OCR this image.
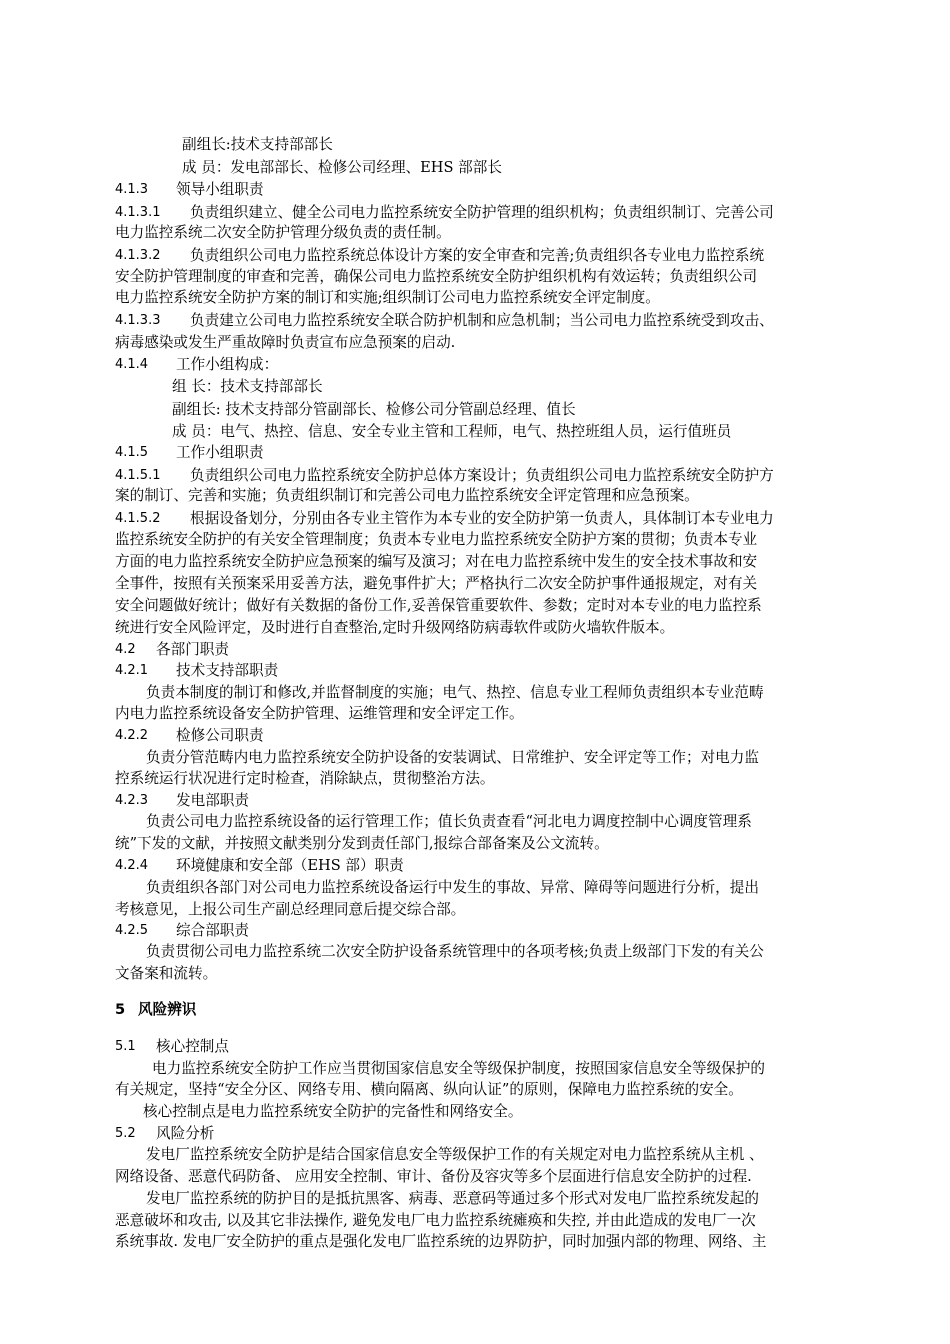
副组长:技术支持部部长
成 员：发电部部长、检修公司经理、EHS 部部长
4.1.3 领导小组职责
4.1.3.1 负责组织建立、健全公司电力监控系统安全防护管理的组织机构；负责组织制订、完善公司
电力监控系统二次安全防护管理分级负责的责任制。
4.1.3.2 负责组织公司电力监控系统总体设计方案的安全审查和完善;负责组织各专业电力监控系统
安全防护管理制度的审查和完善，确保公司电力监控系统安全防护组织机构有效运转；负责组织公司
电力监控系统安全防护方案的制订和实施;组织制订公司电力监控系统安全评定制度。
4.1.3.3 负责建立公司电力监控系统安全联合防护机制和应急机制；当公司电力监控系统受到攻击、
病毒感染或发生严重故障时负责宣布应急预案的启动.
4.1.4 工作小组构成：
组 长：技术支持部部长
副组长: 技术支持部分管副部长、检修公司分管副总经理、值长
成 员：电气、热控、信息、安全专业主管和工程师，电气、热控班组人员，运行值班员
4.1.5 工作小组职责
4.1.5.1 负责组织公司电力监控系统安全防护总体方案设计；负责组织公司电力监控系统安全防护方
案的制订、完善和实施；负责组织制订和完善公司电力监控系统安全评定管理和应急预案。
4.1.5.2 根据设备划分，分别由各专业主管作为本专业的安全防护第一负责人，具体制订本专业电力
监控系统安全防护的有关安全管理制度；负责本专业电力监控系统安全防护方案的贯彻；负责本专业
方面的电力监控系统安全防护应急预案的编写及演习；对在电力监控系统中发生的安全技术事故和安
全事件，按照有关预案采用妥善方法，避免事件扩大；严格执行二次安全防护事件通报规定，对有关
安全问题做好统计；做好有关数据的备份工作,妥善保管重要软件、参数；定时对本专业的电力监控系
统进行安全风险评定，及时进行自查整治,定时升级网络防病毒软件或防火墙软件版本。
4.2 各部门职责
4.2.1 技术支持部职责
负责本制度的制订和修改,并监督制度的实施；电气、热控、信息专业工程师负责组织本专业范畴
内电力监控系统设备安全防护管理、运维管理和安全评定工作。
4.2.2 检修公司职责
负责分管范畴内电力监控系统安全防护设备的安装调试、日常维护、安全评定等工作；对电力监
控系统运行状况进行定时检查，消除缺点，贯彻整治方法。
4.2.3 发电部职责
负责公司电力监控系统设备的运行管理工作；值长负责查看“河北电力调度控制中心调度管理系
统”下发的文献，并按照文献类别分发到责任部门,报综合部备案及公文流转。
4.2.4 环境健康和安全部（EHS 部）职责
负责组织各部门对公司电力监控系统设备运行中发生的事故、异常、障碍等问题进行分析，提出
考核意见，上报公司生产副总经理同意后提交综合部。
4.2.5 综合部职责
负责贯彻公司电力监控系统二次安全防护设备系统管理中的各项考核;负责上级部门下发的有关公
文备案和流转。
5 风险辨识
5.1 核心控制点
电力监控系统安全防护工作应当贯彻国家信息安全等级保护制度，按照国家信息安全等级保护的
有关规定，坚持“安全分区、网络专用、横向隔离、纵向认证”的原则，保障电力监控系统的安全。
核心控制点是电力监控系统安全防护的完备性和网络安全。
5.2 风险分析
发电厂监控系统安全防护是结合国家信息安全等级保护工作的有关规定对电力监控系统从主机 、
网络设备、恶意代码防备、 应用安全控制、审计、备份及容灾等多个层面进行信息安全防护的过程.
发电厂监控系统的防护目的是抵抗黑客、病毒、恶意码等通过多个形式对发电厂监控系统发起的
恶意破坏和攻击, 以及其它非法操作, 避免发电厂电力监控系统瘫痪和失控, 并由此造成的发电厂一次
系统事故. 发电厂安全防护的重点是强化发电厂监控系统的边界防护，同时加强内部的物理、网络、主
